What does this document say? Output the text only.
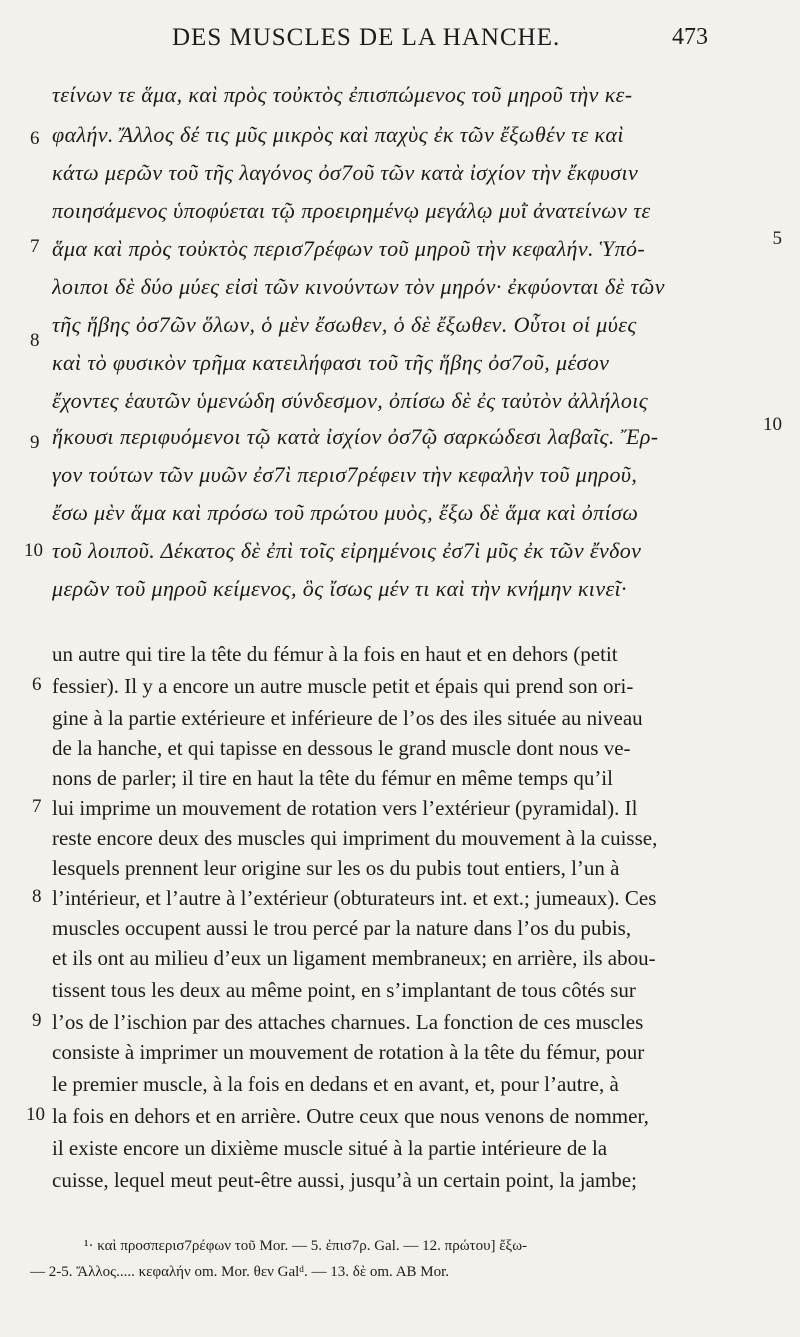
DES MUSCLES DE LA HANCHE.	473
τείνων τε ἅμα, καὶ πρὸς τοὐκτὸς ἐπισπώμενος τοῦ μηροῦ τὴν κε-
φαλήν. Ἄλλος δέ τις μῦς μικρὸς καὶ παχὺς ἐκ τῶν ἔξωθέν τε καὶ
κάτω μερῶν τοῦ τῆς λαγόνος ὀσ7οῦ τῶν κατὰ ἰσχίον τὴν ἔκφυσιν
ποιησάμενος ὑποφύεται τῷ προειρημένῳ μεγάλῳ μυῒ ἀνατείνων τε
ἅμα καὶ πρὸς τοὐκτὸς περισ7ρέφων τοῦ μηροῦ τὴν κεφαλήν. Ὑπό-
λοιποι δὲ δύο μύες εἰσὶ τῶν κινούντων τὸν μηρόν· ἐκφύονται δὲ τῶν
τῆς ἥβης ὀσ7ῶν ὅλων, ὁ μὲν ἔσωθεν, ὁ δὲ ἔξωθεν. Οὗτοι οἱ μύες
καὶ τὸ φυσικὸν τρῆμα κατειλήφασι τοῦ τῆς ἥβης ὀσ7οῦ, μέσον
ἔχοντες ἑαυτῶν ὑμενώδη σύνδεσμον, ὀπίσω δὲ ἐς ταὐτὸν ἀλλήλοις
ἥκουσι περιφυόμενοι τῷ κατὰ ἰσχίον ὀσ7ῷ σαρκώδεσι λαβαῖς. Ἔρ-
γον τούτων τῶν μυῶν ἐσ7ὶ περισ7ρέφειν τὴν κεφαλὴν τοῦ μηροῦ,
ἔσω μὲν ἅμα καὶ πρόσω τοῦ πρώτου μυὸς, ἔξω δὲ ἅμα καὶ ὀπίσω
τοῦ λοιποῦ. Δέκατος δὲ ἐπὶ τοῖς εἰρημένοις ἐσ7ὶ μῦς ἐκ τῶν ἔνδον
μερῶν τοῦ μηροῦ κείμενος, ὃς ἴσως μέν τι καὶ τὴν κνήμην κινεῖ·
6
7
8
9
10
5
10
un autre qui tire la tête du fémur à la fois en haut et en dehors (petit
fessier). Il y a encore un autre muscle petit et épais qui prend son ori-
gine à la partie extérieure et inférieure de l’os des iles située au niveau
de la hanche, et qui tapisse en dessous le grand muscle dont nous ve-
nons de parler; il tire en haut la tête du fémur en même temps qu’il
lui imprime un mouvement de rotation vers l’extérieur (pyramidal). Il
reste encore deux des muscles qui impriment du mouvement à la cuisse,
lesquels prennent leur origine sur les os du pubis tout entiers, l’un à
l’intérieur, et l’autre à l’extérieur (obturateurs int. et ext.; jumeaux). Ces
muscles occupent aussi le trou percé par la nature dans l’os du pubis,
et ils ont au milieu d’eux un ligament membraneux; en arrière, ils abou-
tissent tous les deux au même point, en s’implantant de tous côtés sur
l’os de l’ischion par des attaches charnues. La fonction de ces muscles
consiste à imprimer un mouvement de rotation à la tête du fémur, pour
le premier muscle, à la fois en dedans et en avant, et, pour l’autre, à
la fois en dehors et en arrière. Outre ceux que nous venons de nommer,
il existe encore un dixième muscle situé à la partie intérieure de la
cuisse, lequel meut peut-être aussi, jusqu’à un certain point, la jambe;
6
7
8
9
10
¹· καὶ προσπερισ7ρέφων τοῦ Mor. — 5. ἐπισ7ρ. Gal. — 12. πρώτου] ἔξω-
— 2-5. Ἄλλος..... κεφαλήν om. Mor. θεν Galᵈ. — 13. δὲ om. AB Mor.
